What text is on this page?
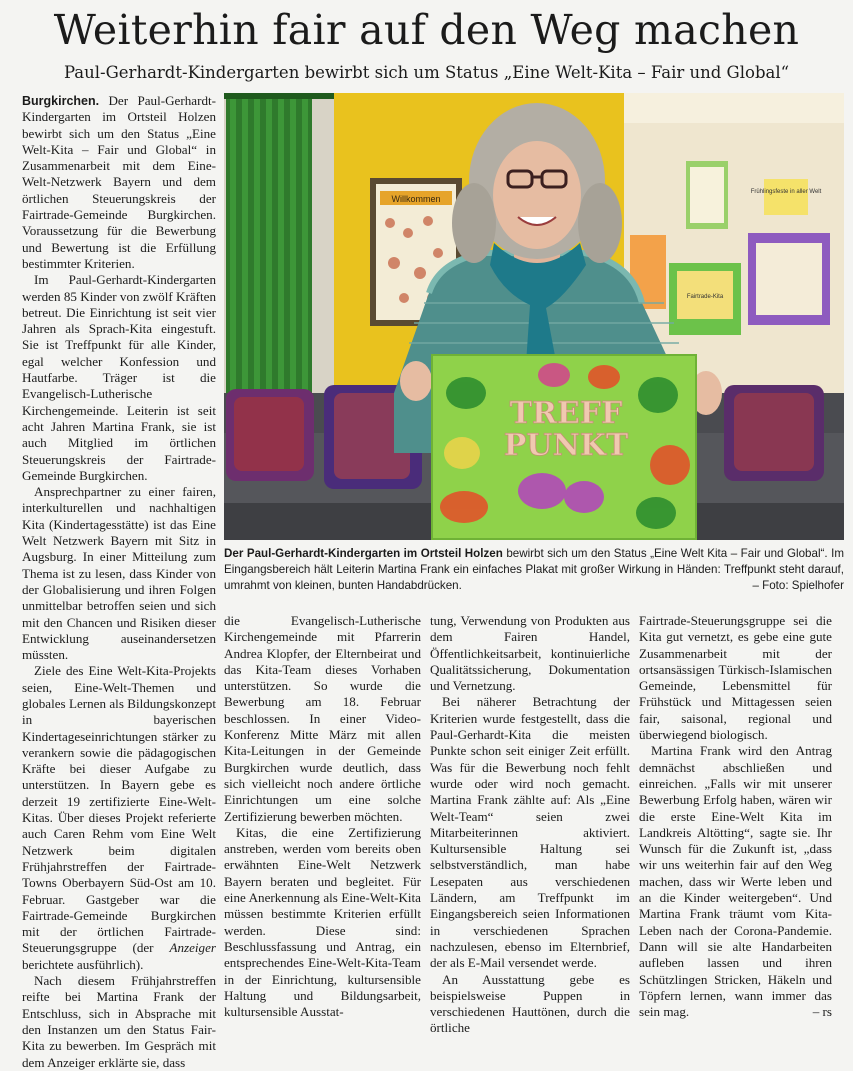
Weiterhin fair auf den Weg machen
Paul-Gerhardt-Kindergarten bewirbt sich um Status „Eine Welt-Kita – Fair und Global“

Burgkirchen. Der Paul-Gerhardt-Kindergarten im Ortsteil Holzen bewirbt sich um den Status „Eine Welt-Kita – Fair und Global“ in Zusammenarbeit mit dem Eine-Welt-Netzwerk Bayern und dem örtlichen Steuerungskreis der Fairtrade-Gemeinde Burgkirchen. Voraussetzung für die Bewerbung und Bewertung ist die Erfüllung bestimmter Kriterien.

Im Paul-Gerhardt-Kindergarten werden 85 Kinder von zwölf Kräften betreut. Die Einrichtung ist seit vier Jahren als Sprach-Kita eingestuft. Sie ist Treffpunkt für alle Kinder, egal welcher Konfession und Hautfarbe. Träger ist die Evangelisch-Lutherische Kirchengemeinde. Leiterin ist seit acht Jahren Martina Frank, sie ist auch Mitglied im örtlichen Steuerungskreis der Fairtrade-Gemeinde Burgkirchen.

Ansprechpartner zu einer fairen, interkulturellen und nachhaltigen Kita (Kindertagesstätte) ist das Eine Welt Netzwerk Bayern mit Sitz in Augsburg. In einer Mitteilung zum Thema ist zu lesen, dass Kinder von der Globalisierung und ihren Folgen unmittelbar betroffen seien und sich mit den Chancen und Risiken dieser Entwicklung auseinandersetzen müssten.

Ziele des Eine Welt-Kita-Projekts seien, Eine-Welt-Themen und globales Lernen als Bildungskonzept in bayerischen Kindertageseinrichtungen stärker zu verankern sowie die pädagogischen Kräfte bei dieser Aufgabe zu unterstützen. In Bayern gebe es derzeit 19 zertifizierte Eine-Welt-Kitas. Über dieses Projekt referierte auch Caren Rehm vom Eine Welt Netzwerk beim digitalen Frühjahrstreffen der Fairtrade-Towns Oberbayern Süd-Ost am 10. Februar. Gastgeber war die Fairtrade-Gemeinde Burgkirchen mit der örtlichen Fairtrade-Steuerungsgruppe (der Anzeiger berichtete ausführlich).

Nach diesem Frühjahrstreffen reifte bei Martina Frank der Entschluss, sich in Absprache mit den Instanzen um den Status Fair-Kita zu bewerben. Im Gespräch mit dem Anzeiger erklärte sie, dass

Willkommen
Frühlingsfeste in aller Welt
Fairtrade-Kita
TREFF
PUNKT
Der Paul-Gerhardt-Kindergarten im Ortsteil Holzen bewirbt sich um den Status „Eine Welt Kita – Fair und Global“. Im Eingangsbereich hält Leiterin Martina Frank ein einfaches Plakat mit großer Wirkung in Händen: Treffpunkt steht darauf, umrahmt von kleinen, bunten Handabdrücken.	– Foto: Spielhofer

die Evangelisch-Lutherische Kirchengemeinde mit Pfarrerin Andrea Klopfer, der Elternbeirat und das Kita-Team dieses Vorhaben unterstützen. So wurde die Bewerbung am 18. Februar beschlossen. In einer Video-Konferenz Mitte März mit allen Kita-Leitungen in der Gemeinde Burgkirchen wurde deutlich, dass sich vielleicht noch andere örtliche Einrichtungen um eine solche Zertifizierung bewerben möchten.

Kitas, die eine Zertifizierung anstreben, werden vom bereits oben erwähnten Eine-Welt Netzwerk Bayern beraten und begleitet. Für eine Anerkennung als Eine-Welt-Kita müssen bestimmte Kriterien erfüllt werden. Diese sind: Beschlussfassung und Antrag, ein entsprechendes Eine-Welt-Kita-Team in der Einrichtung, kultursensible Haltung und Bildungsarbeit, kultursensible Ausstat-

tung, Verwendung von Produkten aus dem Fairen Handel, Öffentlichkeitsarbeit, kontinuierliche Qualitätssicherung, Dokumentation und Vernetzung.

Bei näherer Betrachtung der Kriterien wurde festgestellt, dass die Paul-Gerhardt-Kita die meisten Punkte schon seit einiger Zeit erfüllt. Was für die Bewerbung noch fehlt wurde oder wird noch gemacht. Martina Frank zählte auf: Als „Eine Welt-Team“ seien zwei Mitarbeiterinnen aktiviert. Kultursensible Haltung sei selbstverständlich, man habe Lesepaten aus verschiedenen Ländern, am Treffpunkt im Eingangsbereich seien Informationen in verschiedenen Sprachen nachzulesen, ebenso im Elternbrief, der als E-Mail versendet werde.

An Ausstattung gebe es beispielsweise Puppen in verschiedenen Hauttönen, durch die örtliche

Fairtrade-Steuerungsgruppe sei die Kita gut vernetzt, es gebe eine gute Zusammenarbeit mit der ortsansässigen Türkisch-Islamischen Gemeinde, Lebensmittel für Frühstück und Mittagessen seien fair, saisonal, regional und überwiegend biologisch.

Martina Frank wird den Antrag demnächst abschließen und einreichen. „Falls wir mit unserer Bewerbung Erfolg haben, wären wir die erste Eine-Welt Kita im Landkreis Altötting“, sagte sie. Ihr Wunsch für die Zukunft ist, „dass wir uns weiterhin fair auf den Weg machen, dass wir Werte leben und an die Kinder weitergeben“. Und Martina Frank träumt vom Kita-Leben nach der Corona-Pandemie. Dann will sie alte Handarbeiten aufleben lassen und ihren Schützlingen Stricken, Häkeln und Töpfern lernen, wann immer das sein mag.	– rs
